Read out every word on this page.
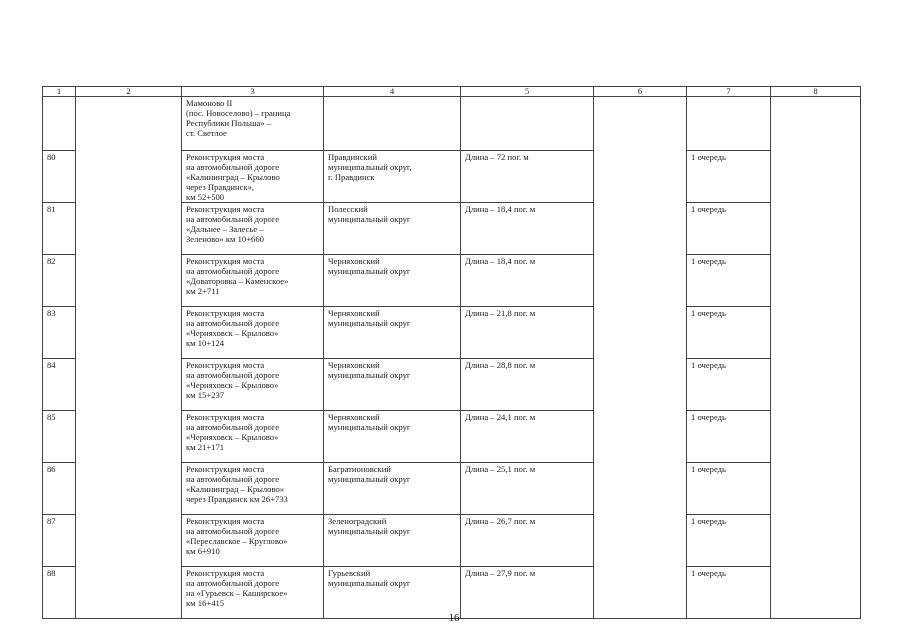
1	2	3	4	5	6	7	8

		Мамоново II
(пос. Новоселово) – граница
Республики Польша» –
ст. Светлое					

80		Реконструкция моста
на автомобильной дороге
«Калининград – Крылово
через Правдинск»,
км 52+500	Правдинский
муниципальный округ,
г. Правдинск	Длина – 72 пог. м		1 очередь	
81		Реконструкция моста
на автомобильной дороге
«Дальнее – Залесье –
Зеленово» км 10+660	Полесский
муниципальный округ	Длина – 18,4 пог. м		1 очередь	
82		Реконструкция моста
на автомобильной дороге
«Доваторовка – Каменское»
км 2+711	Черняховский
муниципальный округ	Длина – 18,4 пог. м		1 очередь	
83		Реконструкция моста
на автомобильной дороге
«Черняховск – Крылово»
км 10+124	Черняховский
муниципальный округ	Длина – 21,8 пог. м		1 очередь	
84		Реконструкция моста
на автомобильной дороге
«Черняховск – Крылово»
км 15+237	Черняховский
муниципальный округ	Длина – 28,8 пог. м		1 очередь	
85		Реконструкция моста
на автомобильной дороге
«Черняховск – Крылово»
км 21+171	Черняховский
муниципальный округ	Длина – 24,1 пог. м		1 очередь	
86		Реконструкция моста
на автомобильной дороге
«Калининград – Крылово»
через Правдинск км 26+733	Багратионовский
муниципальный округ	Длина – 25,1 пог. м		1 очередь	
87		Реконструкция моста
на автомобильной дороге
«Переславское – Круглово»
км 6+910	Зеленоградский
муниципальный округ	Длина – 26,7 пог. м		1 очередь	
88		Реконструкция моста
на автомобильной дороге
на «Гурьевск – Каширское»
км 16+415	Гурьевский
муниципальный округ	Длина – 27,9 пог. м		1 очередь	
16
